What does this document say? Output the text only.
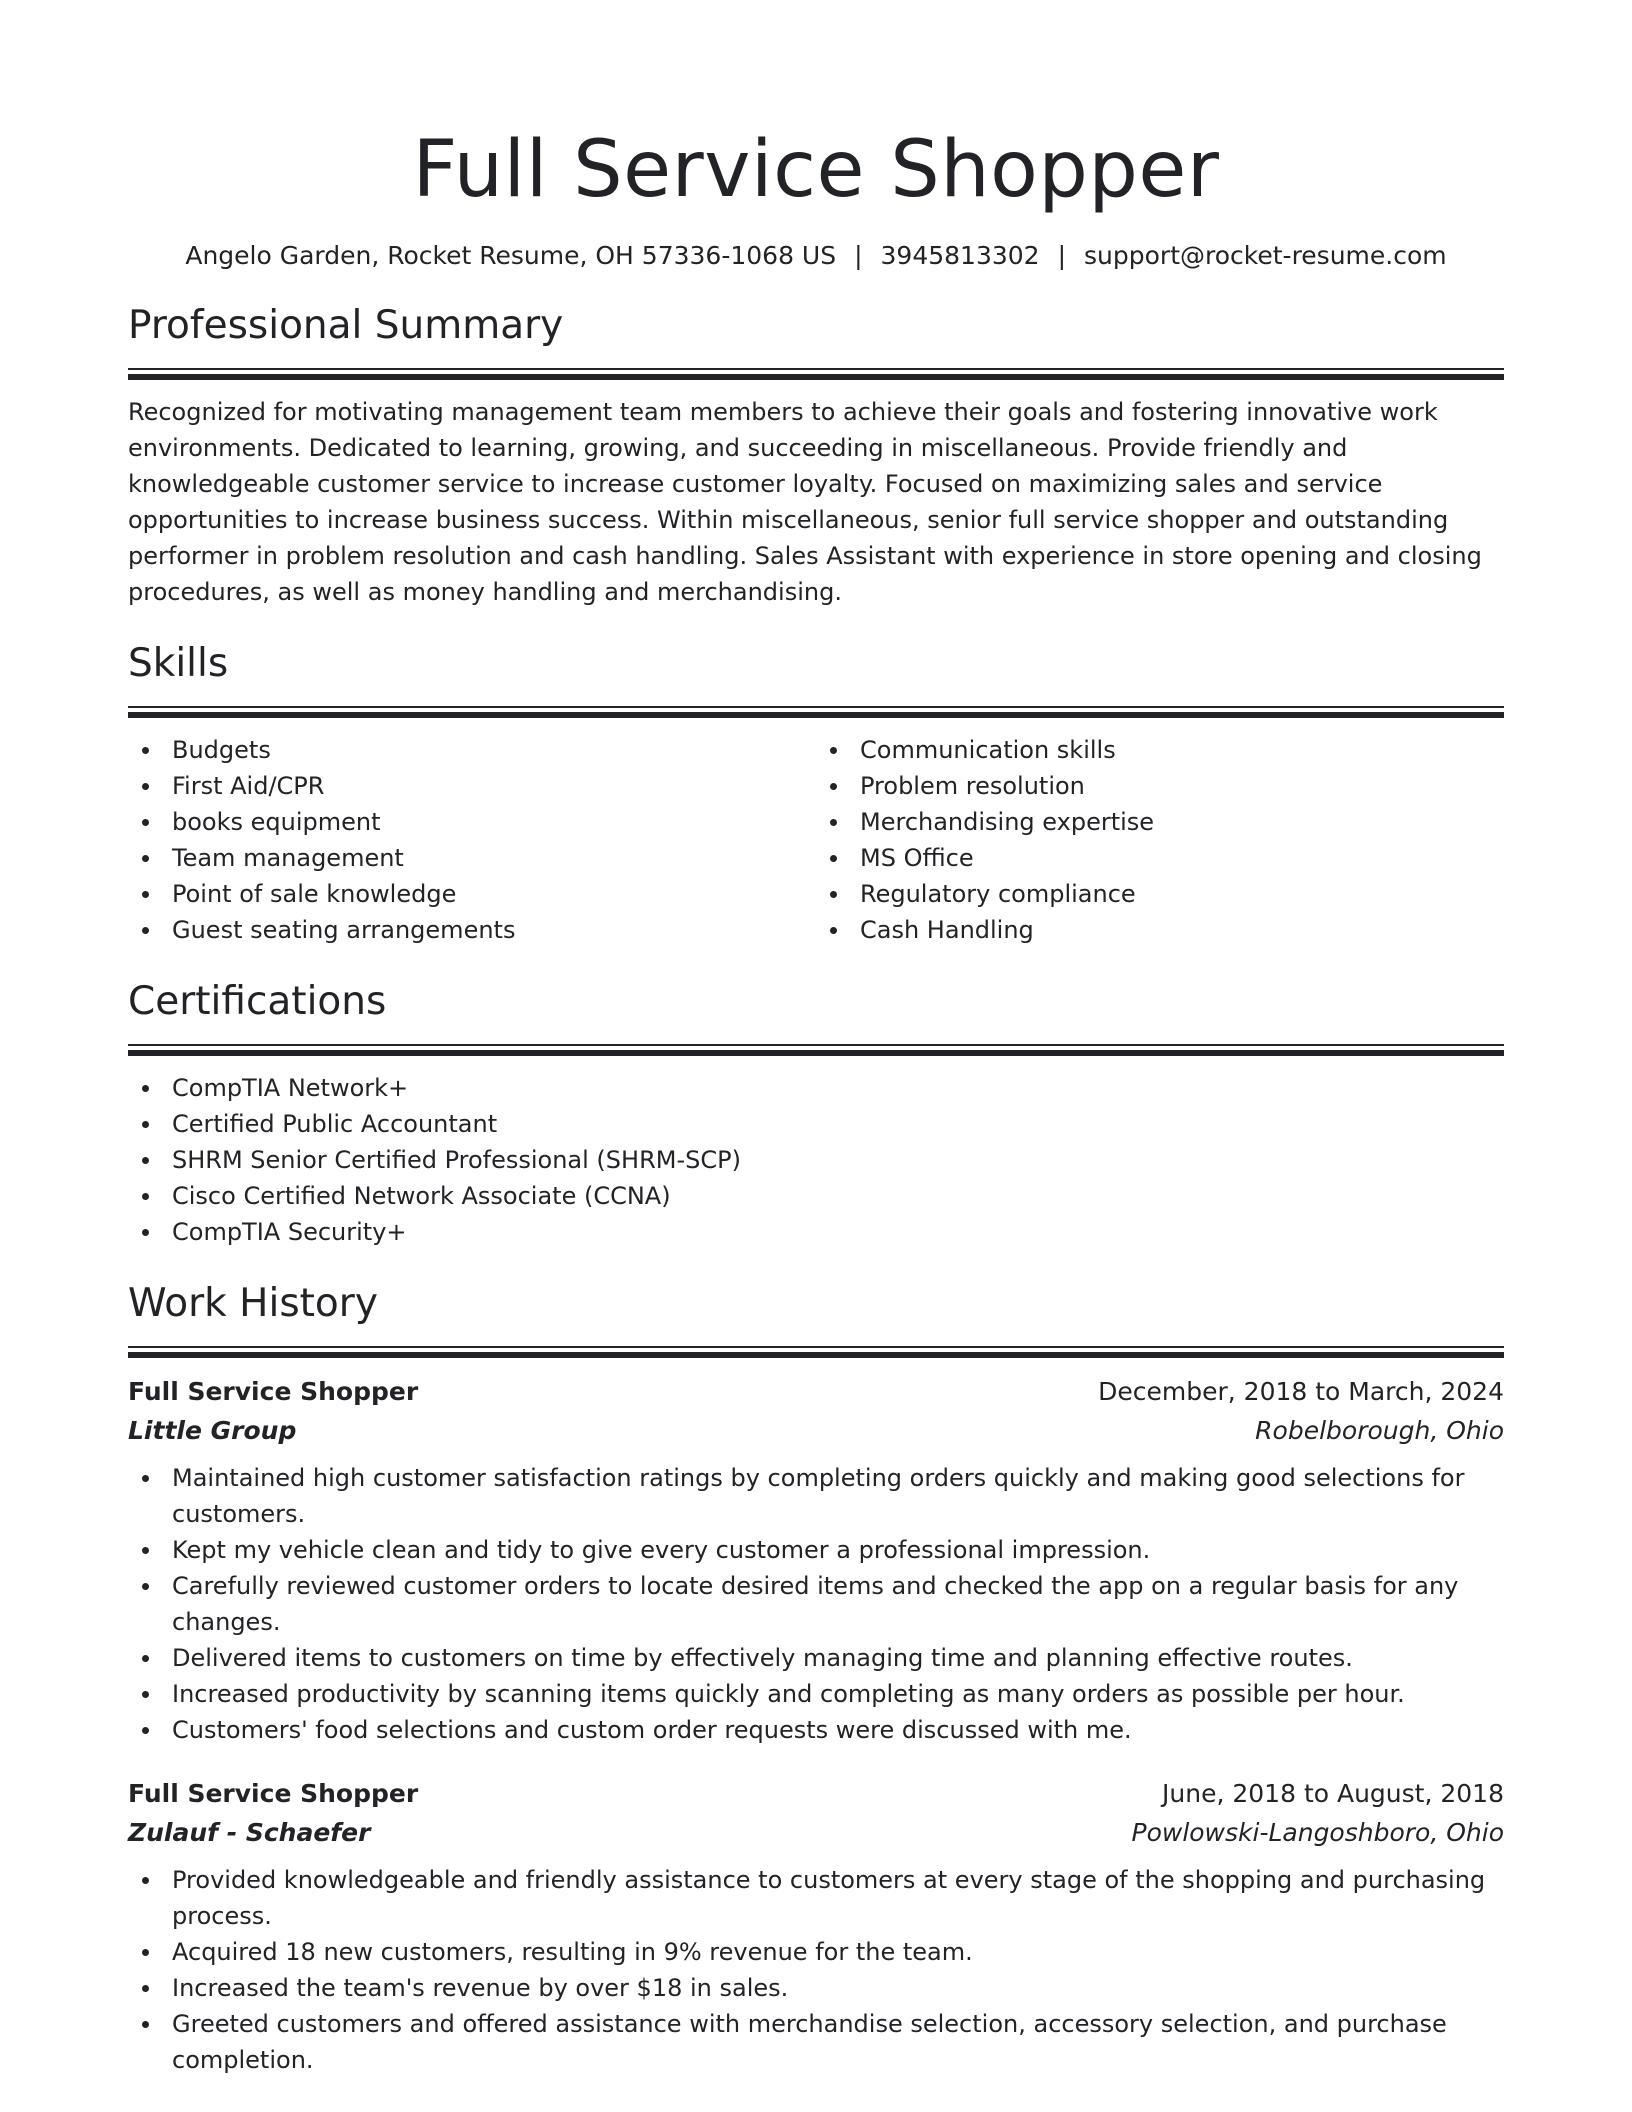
Full Service Shopper
Angelo Garden, Rocket Resume, OH 57336-1068 US | 3945813302 | support@rocket-resume.com
Professional Summary

Recognized for motivating management team members to achieve their goals and fostering innovative work environments. Dedicated to learning, growing, and succeeding in miscellaneous. Provide friendly and knowledgeable customer service to increase customer loyalty. Focused on maximizing sales and service opportunities to increase business success. Within miscellaneous, senior full service shopper and outstanding performer in problem resolution and cash handling. Sales Assistant with experience in store opening and closing procedures, as well as money handling and merchandising.

Skills
Budgets
First Aid/CPR
books equipment
Team management
Point of sale knowledge
Guest seating arrangements
Communication skills
Problem resolution
Merchandising expertise
MS Office
Regulatory compliance
Cash Handling
Certifications
CompTIA Network+
Certified Public Accountant
SHRM Senior Certified Professional (SHRM-SCP)
Cisco Certified Network Associate (CCNA)
CompTIA Security+
Work History
Full Service Shopper	December, 2018 to March, 2024
Little Group	Robelborough, Ohio
Maintained high customer satisfaction ratings by completing orders quickly and making good selections for customers.
Kept my vehicle clean and tidy to give every customer a professional impression.
Carefully reviewed customer orders to locate desired items and checked the app on a regular basis for any changes.
Delivered items to customers on time by effectively managing time and planning effective routes.
Increased productivity by scanning items quickly and completing as many orders as possible per hour.
Customers' food selections and custom order requests were discussed with me.
Full Service Shopper	June, 2018 to August, 2018
Zulauf - Schaefer	Powlowski-Langoshboro, Ohio
Provided knowledgeable and friendly assistance to customers at every stage of the shopping and purchasing process.
Acquired 18 new customers, resulting in 9% revenue for the team.
Increased the team's revenue by over $18 in sales.
Greeted customers and offered assistance with merchandise selection, accessory selection, and purchase completion.
